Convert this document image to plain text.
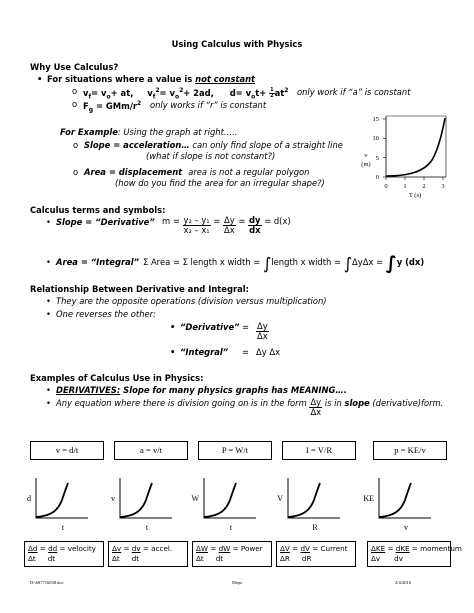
Using Calculus with Physics
Why Use Calculus?
• For situations where a value is not constant
o $v_f= v_o+$ at, $v_f^2= v_o^2+ 2ad$, $d= v_ot+ \frac{1}{2} at^2$ only work if “a” is constant
o $F_g = GMm/r^2$ only works if “r” is constant
For Example: Using the graph at right…..
o Slope = acceleration… can only find slope of a straight line
(what if slope is not constant?)
o Area = displacement area is not a regular polygon
(how do you find the area for an irregular shape?)
15
10
5
0
0 1 2 3
v
(m)
T (s)
Calculus terms and symbols:
• Slope = “Derivative” $m = \frac{\text{y₂ – y₁}}{\text{x₂ – x₁}} = \frac{\Delta y}{\Delta x} = \frac{dy}{dx} = d(x)$
• Area = “Integral” Σ Area = Σ length x width = ∫length x width = ∫ΔyΔx = ∫y (dx)
Relationship Between Derivative and Integral:
• They are the opposite operations (division versus multiplication)
• One reverses the other:
• “Derivative” = $\frac{\Delta y}{\Delta x}$
• “Integral” = Δy Δx
Examples of Calculus Use in Physics:
• DERIVATIVES: Slope for many physics graphs has MEANING….
• Any equation where there is division going on is in the form $\frac{\Delta y}{\Delta x}$ is in slope (derivative)form.
v = d/t
d
t
Δd = dd = velocity
Δt dt
a = v/t
v
t
Δv = dv = accel.
Δt dt
P = W/t
W
t
ΔW = dW = Power
Δt dt
I = V/R
V
R
ΔV = dV = Current
ΔR dR
p = KE/v
KE
v
ΔKE = dKE = momentum
Δv dv
D:\687716038.doc	Mops	2/4/2016
